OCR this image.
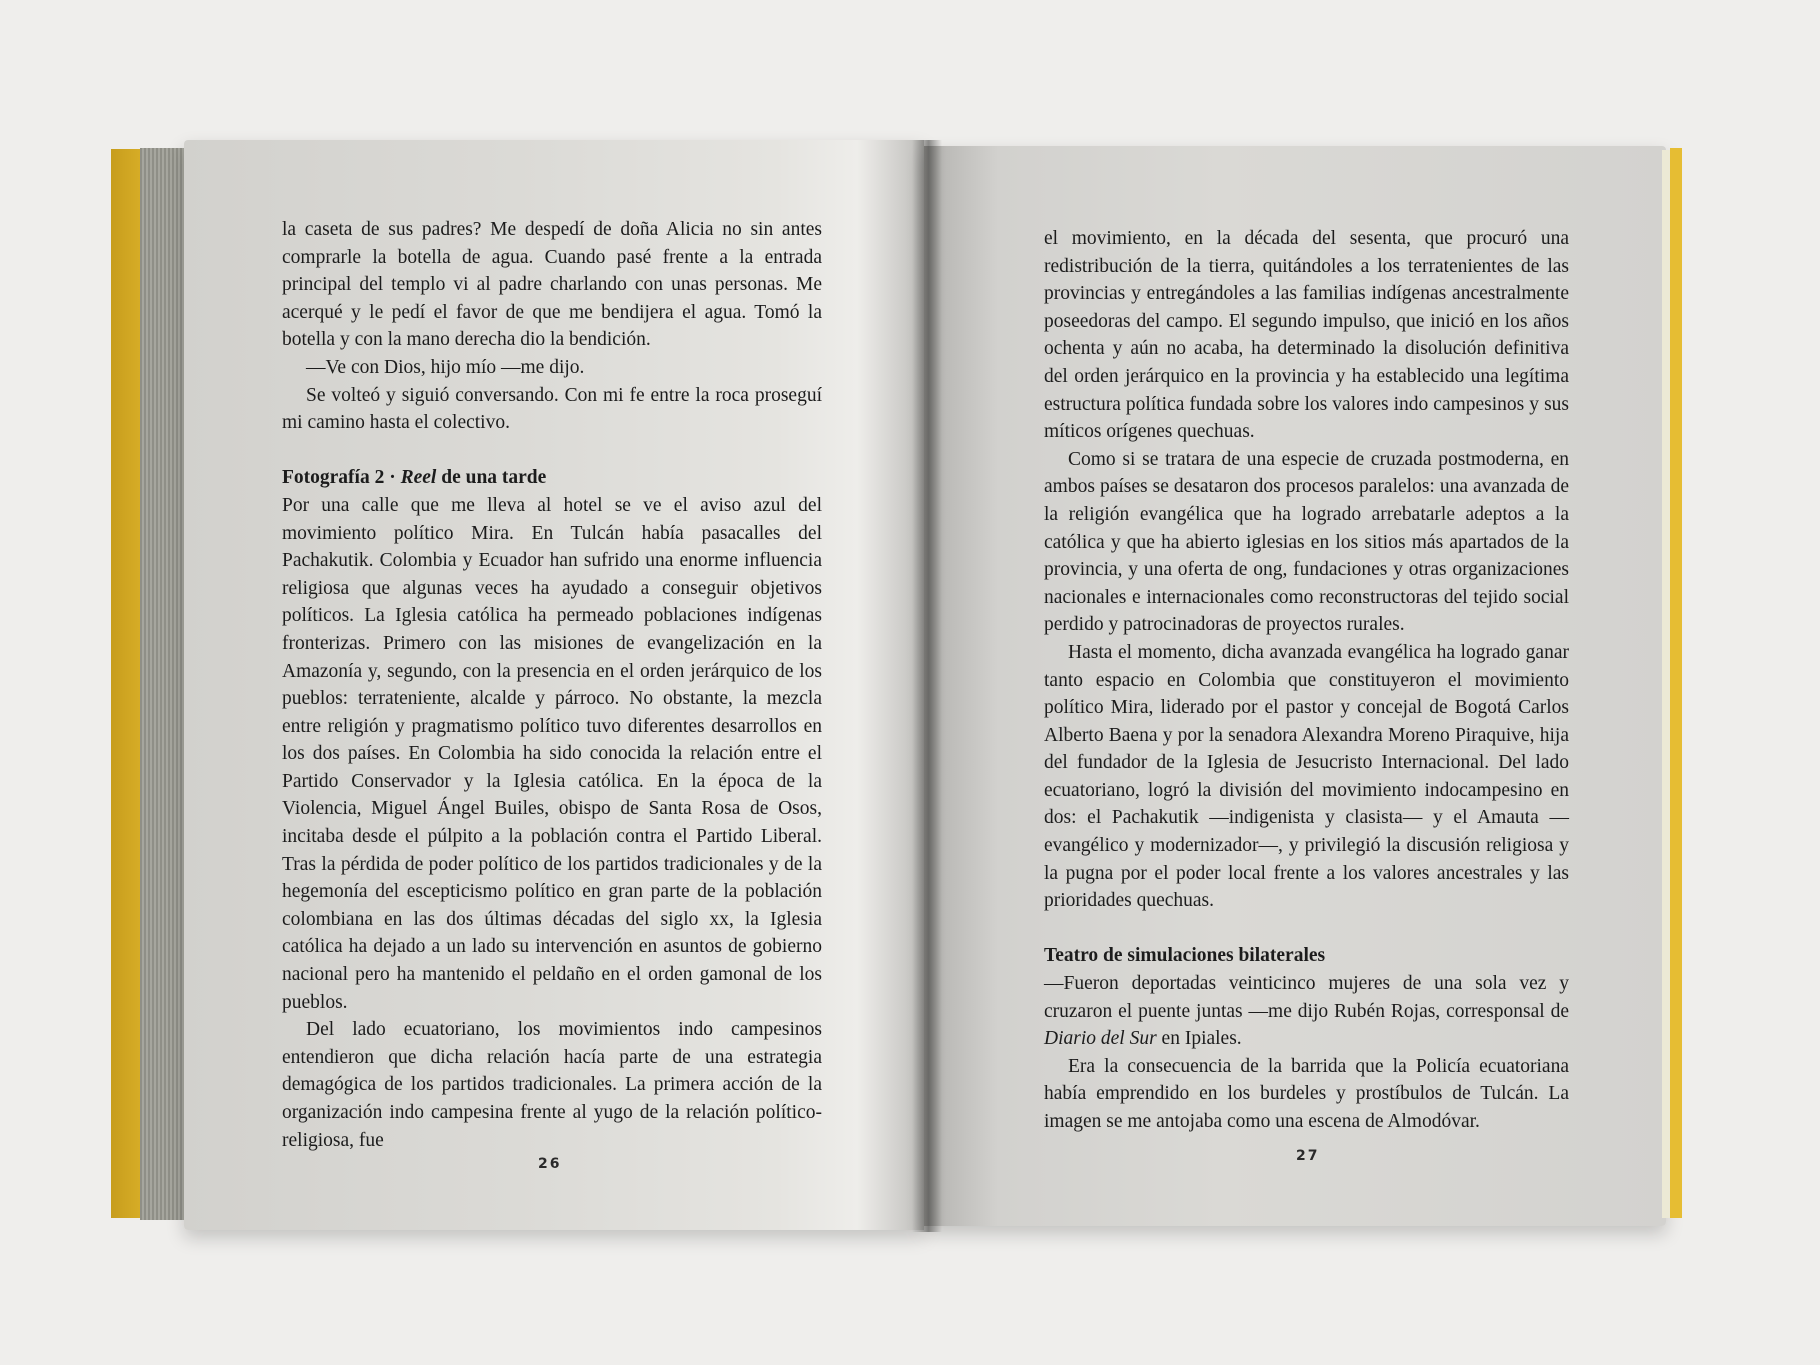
la caseta de sus padres? Me despedí de doña Alicia no sin antes comprarle la botella de agua. Cuando pasé frente a la entrada principal del templo vi al padre charlando con unas personas. Me acerqué y le pedí el favor de que me bendijera el agua. Tomó la botella y con la mano derecha dio la bendición.

—Ve con Dios, hijo mío —me dijo.

Se volteó y siguió conversando. Con mi fe entre la roca proseguí mi camino hasta el colectivo.

Fotografía 2 · Reel de una tarde

Por una calle que me lleva al hotel se ve el aviso azul del movimiento político Mira. En Tulcán había pasacalles del Pachakutik. Colombia y Ecuador han sufrido una enorme influencia religiosa que algunas veces ha ayudado a conseguir objetivos políticos. La Iglesia católica ha permeado poblaciones indígenas fronterizas. Primero con las misiones de evangelización en la Amazonía y, segundo, con la presencia en el orden jerárquico de los pueblos: terrateniente, alcalde y párroco. No obstante, la mezcla entre religión y pragmatismo político tuvo diferentes desarrollos en los dos países. En Colombia ha sido conocida la relación entre el Partido Conservador y la Iglesia católica. En la época de la Violencia, Miguel Ángel Builes, obispo de Santa Rosa de Osos, incitaba desde el púlpito a la población contra el Partido Liberal. Tras la pérdida de poder político de los partidos tradicionales y de la hegemonía del escepticismo político en gran parte de la población colombiana en las dos últimas décadas del siglo xx, la Iglesia católica ha dejado a un lado su intervención en asuntos de gobierno nacional pero ha mantenido el peldaño en el orden gamonal de los pueblos.

Del lado ecuatoriano, los movimientos indo campesinos entendieron que dicha relación hacía parte de una estrategia demagógica de los partidos tradicionales. La primera acción de la organización indo campesina frente al yugo de la relación político-religiosa, fue

26

el movimiento, en la década del sesenta, que procuró una redistribución de la tierra, quitándoles a los terratenientes de las provincias y entregándoles a las familias indígenas ancestralmente poseedoras del campo. El segundo impulso, que inició en los años ochenta y aún no acaba, ha determinado la disolución definitiva del orden jerárquico en la provincia y ha establecido una legítima estructura política fundada sobre los valores indo campesinos y sus míticos orígenes quechuas.

Como si se tratara de una especie de cruzada postmoderna, en ambos países se desataron dos procesos paralelos: una avanzada de la religión evangélica que ha logrado arrebatarle adeptos a la católica y que ha abierto iglesias en los sitios más apartados de la provincia, y una oferta de ong, fundaciones y otras organizaciones nacionales e internacionales como reconstructoras del tejido social perdido y patrocinadoras de proyectos rurales.

Hasta el momento, dicha avanzada evangélica ha logrado ganar tanto espacio en Colombia que constituyeron el movimiento político Mira, liderado por el pastor y concejal de Bogotá Carlos Alberto Baena y por la senadora Alexandra Moreno Piraquive, hija del fundador de la Iglesia de Jesucristo Internacional. Del lado ecuatoriano, logró la división del movimiento indocampesino en dos: el Pachakutik —indigenista y clasista— y el Amauta —evangélico y modernizador—, y privilegió la discusión religiosa y la pugna por el poder local frente a los valores ancestrales y las prioridades quechuas.

Teatro de simulaciones bilaterales

—Fueron deportadas veinticinco mujeres de una sola vez y cruzaron el puente juntas —me dijo Rubén Rojas, corresponsal de Diario del Sur en Ipiales.

Era la consecuencia de la barrida que la Policía ecuatoriana había emprendido en los burdeles y prostíbulos de Tulcán. La imagen se me antojaba como una escena de Almodóvar.

27
